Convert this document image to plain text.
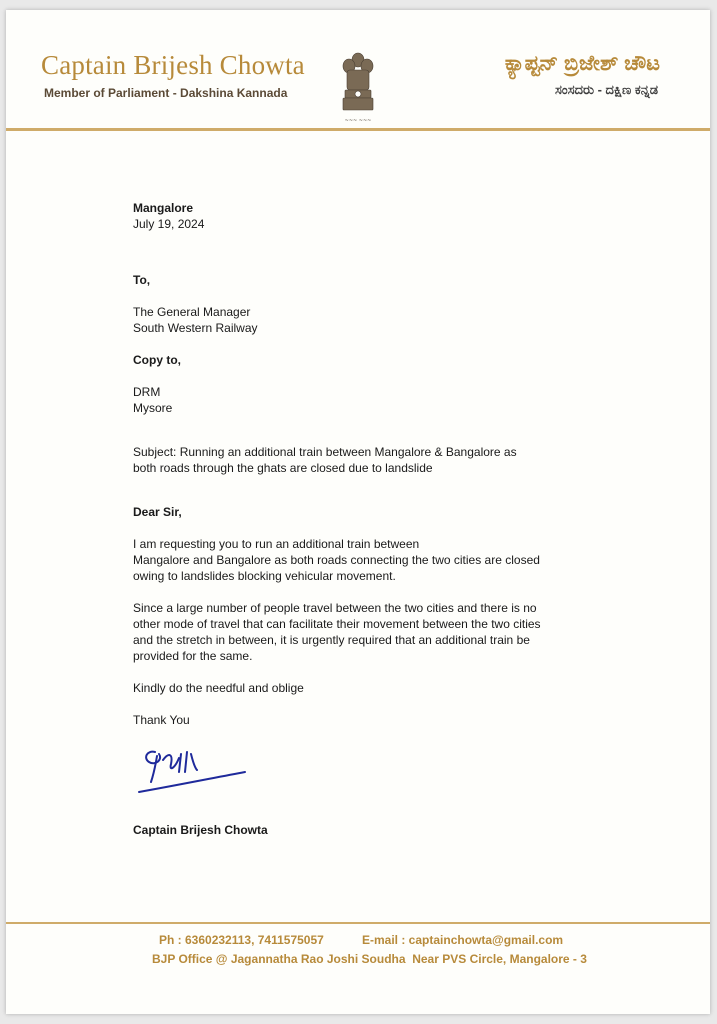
Captain Brijesh Chowta
Member of Parliament - Dakshina Kannada
~~~ ~~~
ಕ್ಯಾಪ್ಟನ್ ಬ್ರಿಜೇಶ್ ಚೌಟ
ಸಂಸದರು - ದಕ್ಷಿಣ ಕನ್ನಡ

Mangalore

July 19, 2024

To,

The General Manager

South Western Railway

Copy to,

DRM

Mysore

Subject: Running an additional train between Mangalore & Bangalore as

both roads through the ghats are closed due to landslide

Dear Sir,

I am requesting you to run an additional train between

Mangalore and Bangalore as both roads connecting the two cities are closed

owing to landslides blocking vehicular movement.

Since a large number of people travel between the two cities and there is no

other mode of travel that can facilitate their movement between the two cities

and the stretch in between, it is urgently required that an additional train be

provided for the same.

Kindly do the needful and oblige

Thank You

Captain Brijesh Chowta

Ph : 6360232113, 7411575057	E-mail : captainchowta@gmail.com
BJP Office @ Jagannatha Rao Joshi Soudha  Near PVS Circle, Mangalore - 3
